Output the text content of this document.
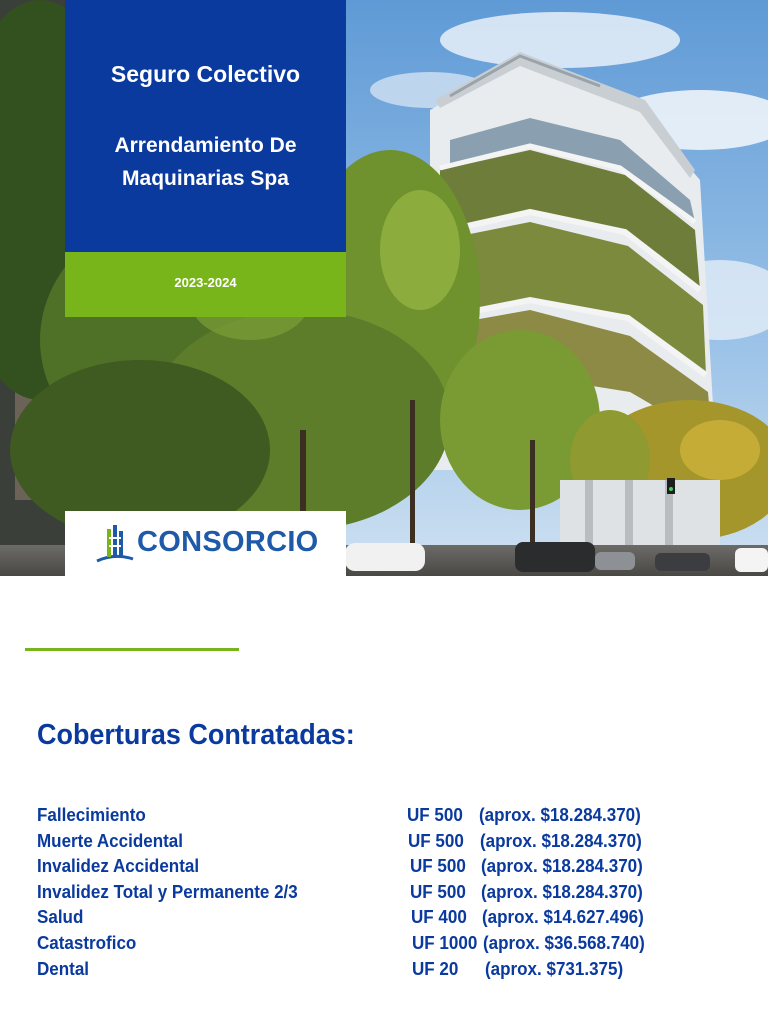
Seguro Colectivo
Arrendamiento De
Maquinarias Spa
2023-2024
CONSORCIO
Coberturas Contratadas:
Fallecimiento	UF 500 (aprox. $18.284.370)
Muerte Accidental	UF 500 (aprox. $18.284.370)
Invalidez Accidental	UF 500 (aprox. $18.284.370)
Invalidez Total y Permanente 2/3	UF 500 (aprox. $18.284.370)
Salud	UF 400 (aprox. $14.627.496)
Catastrofico	UF 1000 (aprox. $36.568.740)
Dental	UF 20 (aprox. $731.375)
